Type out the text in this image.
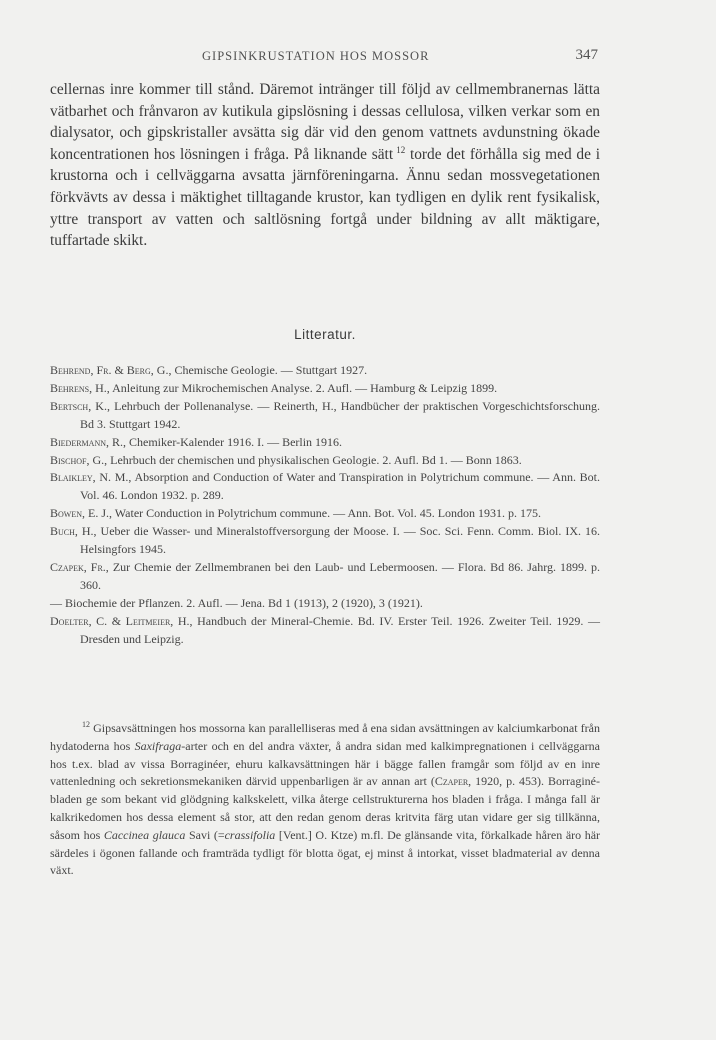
GIPSINKRUSTATION HOS MOSSOR	347

cellernas inre kommer till stånd. Däremot intränger till följd av cellmembranernas lätta vätbarhet och frånvaron av kutikula gipslösning i dessas cellulosa, vilken verkar som en dialysator, och gipskristaller avsätta sig där vid den genom vattnets avdunstning ökade koncentrationen hos lösningen i fråga. På liknande sätt  $^{12}$ torde det förhålla sig med de i krustorna och i cellväggarna avsatta järnföreningarna. Ännu sedan mossvegetationen förkvävts av dessa i mäktighet tilltagande krustor, kan tydligen en dylik rent fysikalisk, yttre transport av vatten och saltlösning fortgå under bildning av allt mäktigare, tuffartade skikt.

Litteratur.

Behrend, Fr. & Berg, G., Chemische Geologie. — Stuttgart 1927.

Behrens, H., Anleitung zur Mikrochemischen Analyse. 2. Aufl. — Hamburg & Leipzig 1899.

Bertsch, K., Lehrbuch der Pollenanalyse. — Reinerth, H., Handbücher der praktischen Vorgeschichtsforschung. Bd 3. Stuttgart 1942.

Biedermann, R., Chemiker-Kalender 1916. I. — Berlin 1916.

Bischof, G., Lehrbuch der chemischen und physikalischen Geologie. 2. Aufl. Bd 1. — Bonn 1863.

Blaikley, N. M., Absorption and Conduction of Water and Transpiration in Polytrichum commune. — Ann. Bot. Vol. 46. London 1932. p. 289.

Bowen, E. J., Water Conduction in Polytrichum commune. — Ann. Bot. Vol. 45. London 1931. p. 175.

Buch, H., Ueber die Wasser- und Mineralstoffversorgung der Moose. I. — Soc. Sci. Fenn. Comm. Biol. IX. 16. Helsingfors 1945.

Czapek, Fr., Zur Chemie der Zellmembranen bei den Laub- und Lebermoosen. — Flora. Bd 86. Jahrg. 1899. p. 360.

— Biochemie der Pflanzen. 2. Aufl. — Jena. Bd 1 (1913), 2 (1920), 3 (1921).

Doelter, C. & Leitmeier, H., Handbuch der Mineral-Chemie. Bd. IV. Erster Teil. 1926. Zweiter Teil. 1929. — Dresden und Leipzig.

$^{12}$ Gipsavsättningen hos mossorna kan parallelliseras med å ena sidan avsättningen av kalciumkarbonat från hydatoderna hos Saxifraga-arter och en del andra växter, å andra sidan med kalkimpregnationen i cellväggarna hos t.ex. blad av vissa Borraginéer, ehuru kalkavsättningen här i bägge fallen framgår som följd av en inre vattenledning och sekretionsmekaniken därvid uppenbarligen är av annan art (Czaper, 1920, p. 453). Borraginé-bladen ge som bekant vid glödgning kalkskelett, vilka återge cellstrukturerna hos bladen i fråga. I många fall är kalkrikedomen hos dessa element så stor, att den redan genom deras kritvita färg utan vidare ger sig tillkänna, såsom hos Caccinea glauca Savi (=crassifolia [Vent.] O. Ktze) m.fl. De glänsande vita, förkalkade håren äro här särdeles i ögonen fallande och framträda tydligt för blotta ögat, ej minst å intorkat, visset bladmaterial av denna växt.
